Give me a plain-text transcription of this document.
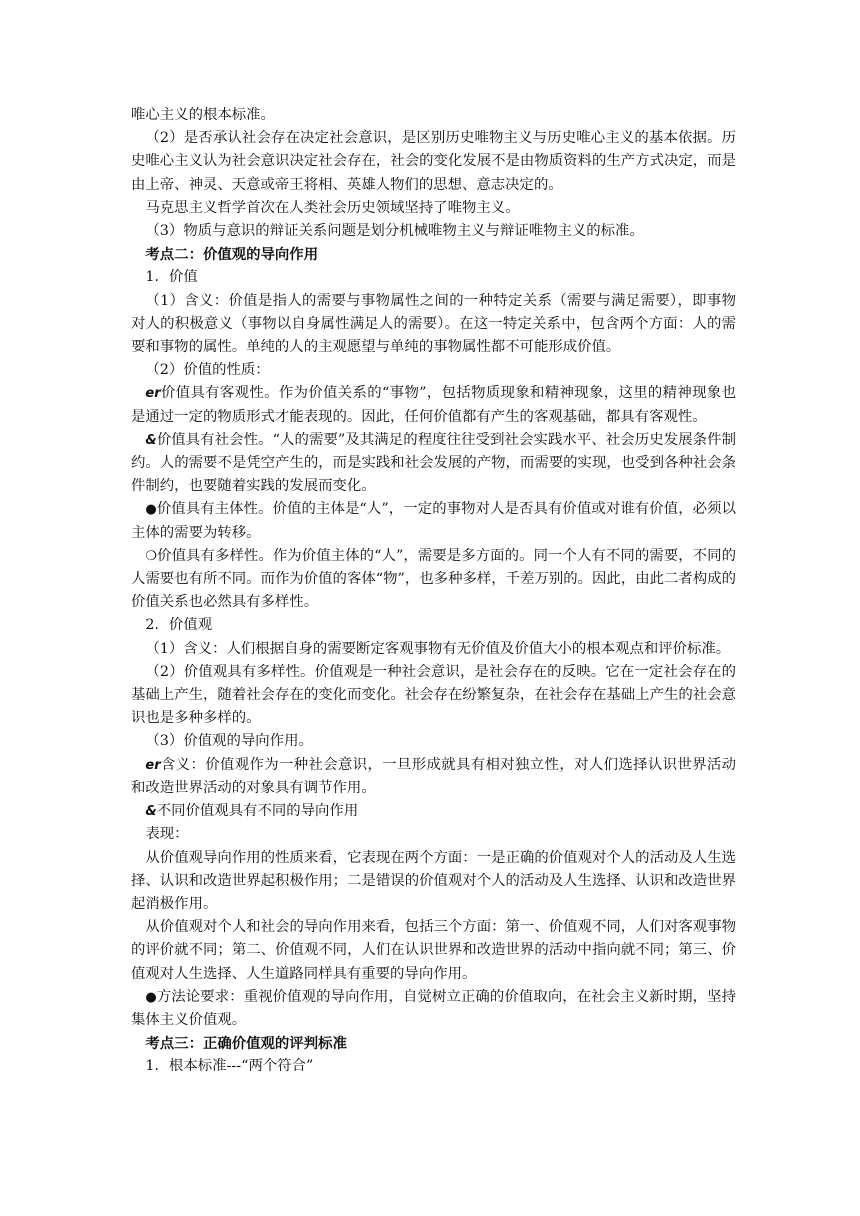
唯心主义的根本标准。

（2）是否承认社会存在决定社会意识，是区别历史唯物主义与历史唯心主义的基本依据。历史唯心主义认为社会意识决定社会存在，社会的变化发展不是由物质资料的生产方式决定，而是由上帝、神灵、天意或帝王将相、英雄人物们的思想、意志决定的。

马克思主义哲学首次在人类社会历史领域坚持了唯物主义。

（3）物质与意识的辩证关系问题是划分机械唯物主义与辩证唯物主义的标准。

考点二：价值观的导向作用

1．价值

（1）含义：价值是指人的需要与事物属性之间的一种特定关系（需要与满足需要），即事物对人的积极意义（事物以自身属性满足人的需要）。在这一特定关系中，包含两个方面：人的需要和事物的属性。单纯的人的主观愿望与单纯的事物属性都不可能形成价值。

（2）价值的性质：

er价值具有客观性。作为价值关系的“事物”，包括物质现象和精神现象，这里的精神现象也是通过一定的物质形式才能表现的。因此，任何价值都有产生的客观基础，都具有客观性。

&价值具有社会性。“人的需要”及其满足的程度往往受到社会实践水平、社会历史发展条件制约。人的需要不是凭空产生的，而是实践和社会发展的产物，而需要的实现，也受到各种社会条件制约，也要随着实践的发展而变化。

●价值具有主体性。价值的主体是“人”，一定的事物对人是否具有价值或对谁有价值，必须以主体的需要为转移。

❍价值具有多样性。作为价值主体的“人”，需要是多方面的。同一个人有不同的需要，不同的人需要也有所不同。而作为价值的客体“物”，也多种多样，千差万别的。因此，由此二者构成的价值关系也必然具有多样性。

2．价值观

（1）含义：人们根据自身的需要断定客观事物有无价值及价值大小的根本观点和评价标准。

（2）价值观具有多样性。价值观是一种社会意识，是社会存在的反映。它在一定社会存在的基础上产生，随着社会存在的变化而变化。社会存在纷繁复杂，在社会存在基础上产生的社会意识也是多种多样的。

（3）价值观的导向作用。

er含义：价值观作为一种社会意识，一旦形成就具有相对独立性，对人们选择认识世界活动和改造世界活动的对象具有调节作用。

&不同价值观具有不同的导向作用

表现：

从价值观导向作用的性质来看，它表现在两个方面：一是正确的价值观对个人的活动及人生选择、认识和改造世界起积极作用；二是错误的价值观对个人的活动及人生选择、认识和改造世界起消极作用。

从价值观对个人和社会的导向作用来看，包括三个方面：第一、价值观不同，人们对客观事物的评价就不同；第二、价值观不同，人们在认识世界和改造世界的活动中指向就不同；第三、价值观对人生选择、人生道路同样具有重要的导向作用。

●方法论要求：重视价值观的导向作用，自觉树立正确的价值取向，在社会主义新时期，坚持集体主义价值观。

考点三：正确价值观的评判标准

1．根本标准---“两个符合”
